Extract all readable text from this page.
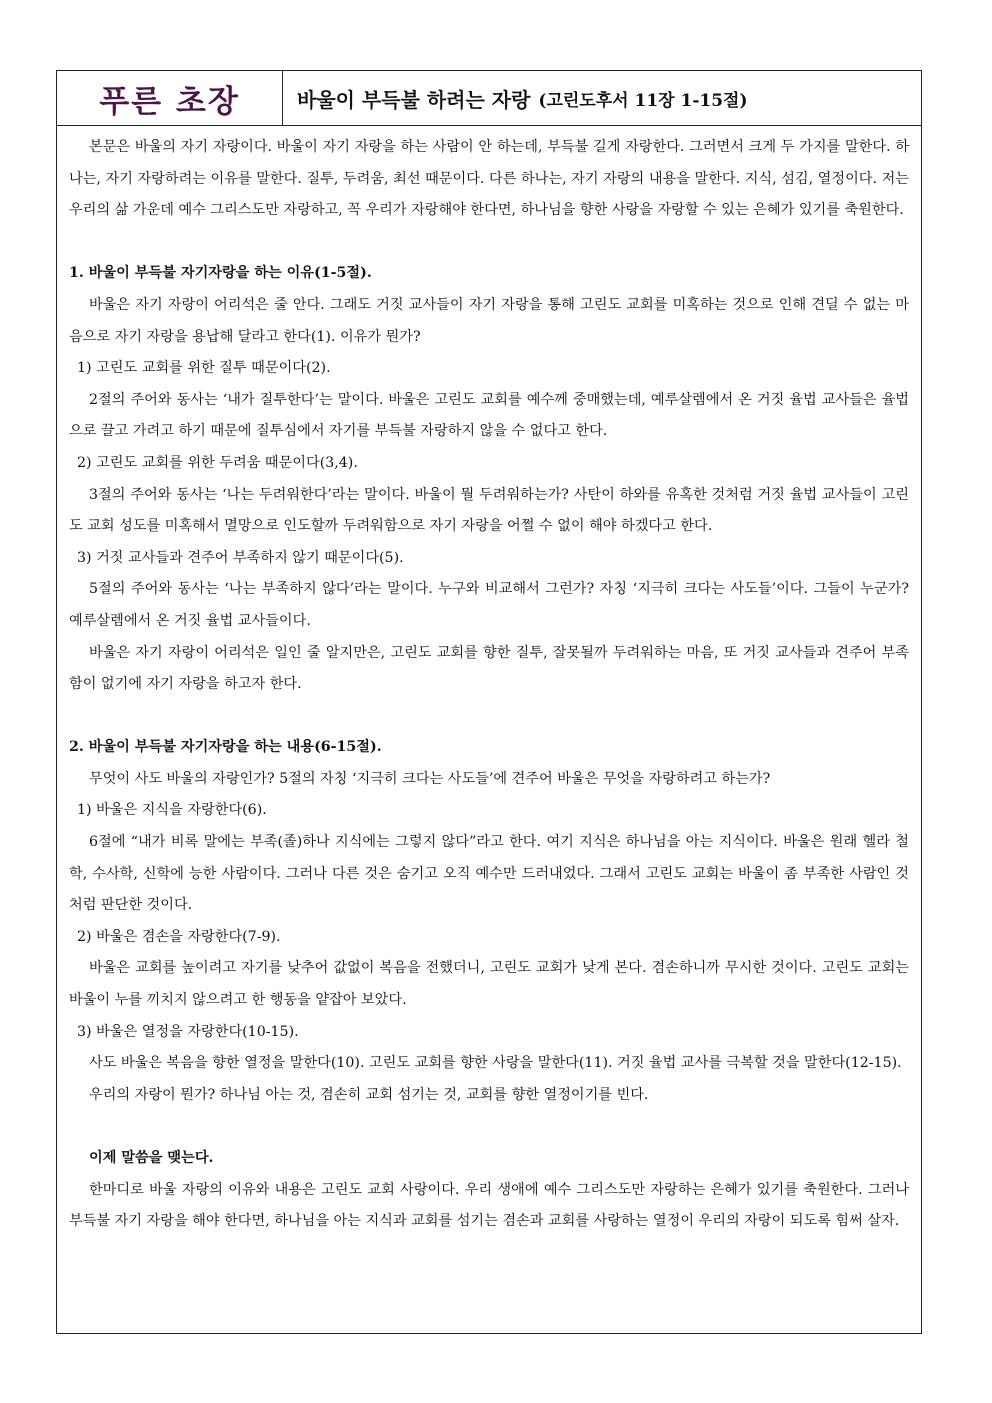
푸른 초장	바울이 부득불 하려는 자랑 (고린도후서 11장 1-15절)

본문은 바울의 자기 자랑이다. 바울이 자기 자랑을 하는 사람이 안 하는데, 부득불 길게 자랑한다. 그러면서 크게 두 가지를 말한다. 하나는, 자기 자랑하려는 이유를 말한다. 질투, 두려움, 최선 때문이다. 다른 하나는, 자기 자랑의 내용을 말한다. 지식, 섬김, 열정이다. 저는 우리의 삶 가운데 예수 그리스도만 자랑하고, 꼭 우리가 자랑해야 한다면, 하나님을 향한 사랑을 자랑할 수 있는 은혜가 있기를 축원한다.

1. 바울이 부득불 자기자랑을 하는 이유(1-5절).

바울은 자기 자랑이 어리석은 줄 안다. 그래도 거짓 교사들이 자기 자랑을 통해 고린도 교회를 미혹하는 것으로 인해 견딜 수 없는 마음으로 자기 자랑을 용납해 달라고 한다(1). 이유가 뭔가?

1) 고린도 교회를 위한 질투 때문이다(2).

2절의 주어와 동사는 ‘내가 질투한다’는 말이다. 바울은 고린도 교회를 예수께 중매했는데, 예루살렘에서 온 거짓 율법 교사들은 율법으로 끌고 가려고 하기 때문에 질투심에서 자기를 부득불 자랑하지 않을 수 없다고 한다.

2) 고린도 교회를 위한 두려움 때문이다(3,4).

3절의 주어와 동사는 ‘나는 두려워한다’라는 말이다. 바울이 뭘 두려워하는가? 사탄이 하와를 유혹한 것처럼 거짓 율법 교사들이 고린도 교회 성도를 미혹해서 멸망으로 인도할까 두려워함으로 자기 자랑을 어쩔 수 없이 해야 하겠다고 한다.

3) 거짓 교사들과 견주어 부족하지 않기 때문이다(5).

5절의 주어와 동사는 ‘나는 부족하지 않다’라는 말이다. 누구와 비교해서 그런가? 자칭 ‘지극히 크다는 사도들’이다. 그들이 누군가? 예루살렘에서 온 거짓 율법 교사들이다.

바울은 자기 자랑이 어리석은 일인 줄 알지만은, 고린도 교회를 향한 질투, 잘못될까 두려워하는 마음, 또 거짓 교사들과 견주어 부족함이 없기에 자기 자랑을 하고자 한다.

2. 바울이 부득불 자기자랑을 하는 내용(6-15절).

무엇이 사도 바울의 자랑인가? 5절의 자칭 ‘지극히 크다는 사도들’에 견주어 바울은 무엇을 자랑하려고 하는가?

1) 바울은 지식을 자랑한다(6).

6절에 “내가 비록 말에는 부족(졸)하나 지식에는 그렇지 않다”라고 한다. 여기 지식은 하나님을 아는 지식이다. 바울은 원래 헬라 철학, 수사학, 신학에 능한 사람이다. 그러나 다른 것은 숨기고 오직 예수만 드러내었다. 그래서 고린도 교회는 바울이 좀 부족한 사람인 것처럼 판단한 것이다.

2) 바울은 겸손을 자랑한다(7-9).

바울은 교회를 높이려고 자기를 낮추어 값없이 복음을 전했더니, 고린도 교회가 낮게 본다. 겸손하니까 무시한 것이다. 고린도 교회는 바울이 누를 끼치지 않으려고 한 행동을 얕잡아 보았다.

3) 바울은 열정을 자랑한다(10-15).

사도 바울은 복음을 향한 열정을 말한다(10). 고린도 교회를 향한 사랑을 말한다(11). 거짓 율법 교사를 극복할 것을 말한다(12-15).

우리의 자랑이 뭔가? 하나님 아는 것, 겸손히 교회 섬기는 것, 교회를 향한 열정이기를 빈다.

이제 말씀을 맺는다.

한마디로 바울 자랑의 이유와 내용은 고린도 교회 사랑이다. 우리 생애에 예수 그리스도만 자랑하는 은혜가 있기를 축원한다. 그러나 부득불 자기 자랑을 해야 한다면, 하나님을 아는 지식과 교회를 섬기는 겸손과 교회를 사랑하는 열정이 우리의 자랑이 되도록 힘써 살자.
